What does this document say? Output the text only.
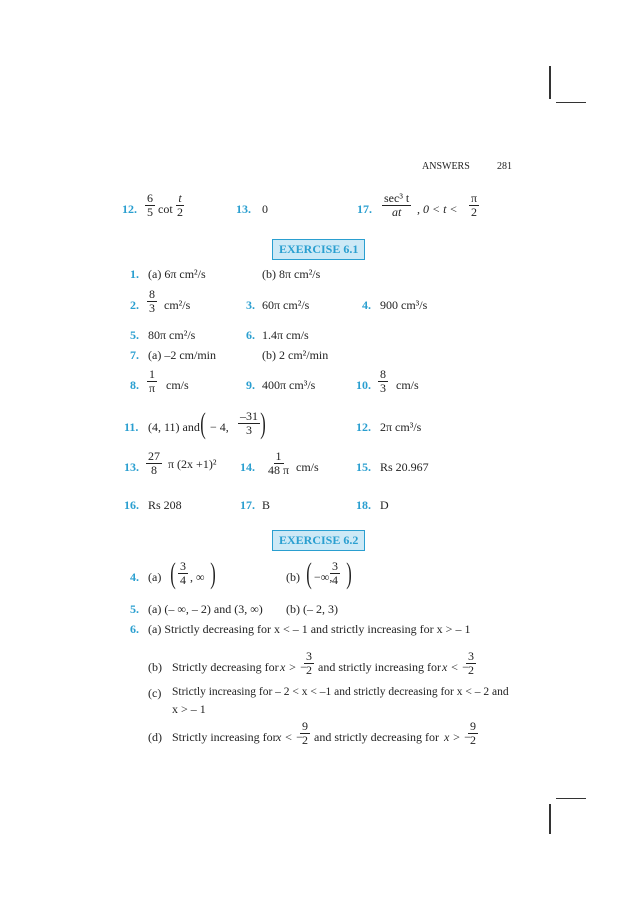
ANSWERS	281
12. $\frac{6}{5}$ $\cot \frac{t}{2}$	13. 0	17.
sec³ t
at , $0 < t < \frac{\pi}{2}$
EXERCISE 6.1
1. (a) 6π cm²/s	(b) 8π cm²/s
2. $\frac{8}{3} cm^2/s$	3. 60π cm²/s	4. 900 cm³/s
5. 80π cm²/s	6. 1.4π cm/s
7. (a) –2 cm/min	(b) 2 cm²/min
8. $\frac{1}{\pi} cm/s$	9. 400π cm³/s	10. $\frac{8}{3} cm/s$
11. (4, 11) and ( − 4, $\frac{-31}{3}$ )	12. 2π cm³/s
13. $\frac{27}{8}$ π (2x +1)² 14. $\frac{1}{48 \pi} cm/s$	15. Rs 20.967
16. Rs 208	17. B	18. D
EXERCISE 6.2
4. (a) ( $\frac{3}{4}$ , ∞ )	(b) ( −∞,
$\frac{3}{4}$ )
5. (a) (– ∞, – 2) and (3, ∞) (b) (– 2, 3)
6. (a) Strictly decreasing for x < – 1 and strictly increasing for x > – 1
(b) Strictly decreasing for x > −
$\frac{3}{2}$ and strictly increasing for x < −
$\frac{3}{2}$
(c) Strictly increasing for – 2 < x < –1 and strictly decreasing for x < – 2 and
x > – 1
(d) Strictly increasing for x < −
$\frac{9}{2}$ and strictly decreasing for x > −
$\frac{9}{2}$
